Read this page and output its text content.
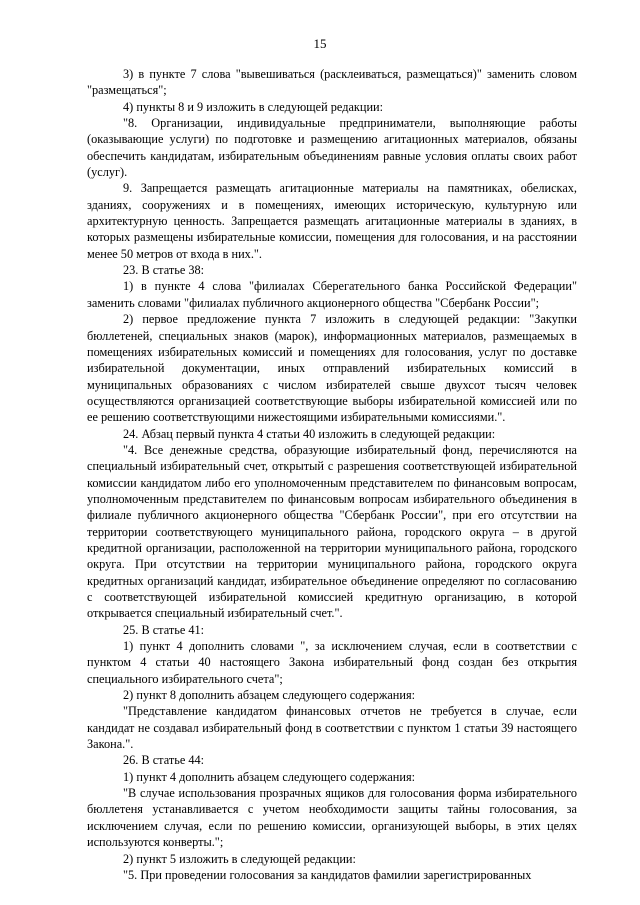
15

3) в пункте 7 слова "вывешиваться (расклеиваться, размещаться)" заменить словом "размещаться";

4) пункты 8 и 9 изложить в следующей редакции:

"8. Организации, индивидуальные предприниматели, выполняющие работы (оказывающие услуги) по подготовке и размещению агитационных материалов, обязаны обеспечить кандидатам, избирательным объединениям равные условия оплаты своих работ (услуг).

9. Запрещается размещать агитационные материалы на памятниках, обелисках, зданиях, сооружениях и в помещениях, имеющих историческую, культурную или архитектурную ценность. Запрещается размещать агитационные материалы в зданиях, в которых размещены избирательные комиссии, помещения для голосования, и на расстоянии менее 50 метров от входа в них.".

23. В статье 38:

1) в пункте 4 слова "филиалах Сберегательного банка Российской Федерации" заменить словами "филиалах публичного акционерного общества "Сбербанк России";

2) первое предложение пункта 7 изложить в следующей редакции: "Закупки бюллетеней, специальных знаков (марок), информационных материалов, размещаемых в помещениях избирательных комиссий и помещениях для голосования, услуг по доставке избирательной документации, иных отправлений избирательных комиссий в муниципальных образованиях с числом избирателей свыше двухсот тысяч человек осуществляются организацией соответствующие выборы избирательной комиссией или по ее решению соответствующими нижестоящими избирательными комиссиями.".

24. Абзац первый пункта 4 статьи 40 изложить в следующей редакции:

"4. Все денежные средства, образующие избирательный фонд, перечисляются на специальный избирательный счет, открытый с разрешения соответствующей избирательной комиссии кандидатом либо его уполномоченным представителем по финансовым вопросам, уполномоченным представителем по финансовым вопросам избирательного объединения в филиале публичного акционерного общества "Сбербанк России", при его отсутствии на территории соответствующего муниципального района, городского округа – в другой кредитной организации, расположенной на территории муниципального района, городского округа. При отсутствии на территории муниципального района, городского округа кредитных организаций кандидат, избирательное объединение определяют по согласованию с соответствующей избирательной комиссией кредитную организацию, в которой открывается специальный избирательный счет.".

25. В статье 41:

1) пункт 4 дополнить словами ", за исключением случая, если в соответствии с пунктом 4 статьи 40 настоящего Закона избирательный фонд создан без открытия специального избирательного счета";

2) пункт 8 дополнить абзацем следующего содержания:

"Представление кандидатом финансовых отчетов не требуется в случае, если кандидат не создавал избирательный фонд в соответствии с пунктом 1 статьи 39 настоящего Закона.".

26. В статье 44:

1) пункт 4 дополнить абзацем следующего содержания:

"В случае использования прозрачных ящиков для голосования форма избирательного бюллетеня устанавливается с учетом необходимости защиты тайны голосования, за исключением случая, если по решению комиссии, организующей выборы, в этих целях используются конверты.";

2) пункт 5 изложить в следующей редакции:

"5. При проведении голосования за кандидатов фамилии зарегистрированных
